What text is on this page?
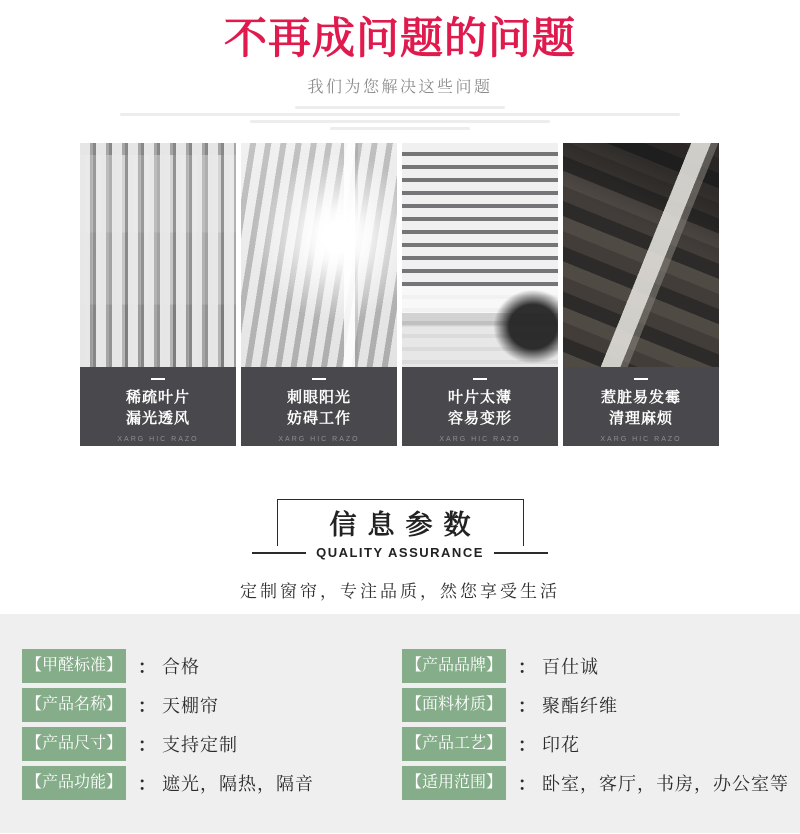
不再成问题的问题
我们为您解决这些问题
稀疏叶片
漏光透风
XARG HIC RAZO
刺眼阳光
妨碍工作
XARG HIC RAZO
叶片太薄
容易变形
XARG HIC RAZO
惹脏易发霉
清理麻烦
XARG HIC RAZO
信息参数
QUALITY ASSURANCE
定制窗帘，专注品质，然您享受生活
【甲醛标准】 ： 合格
【产品名称】 ： 天棚帘
【产品尺寸】 ： 支持定制
【产品功能】 ： 遮光，隔热，隔音
【产品品牌】 ： 百仕诚
【面料材质】 ： 聚酯纤维
【产品工艺】 ： 印花
【适用范围】 ： 卧室，客厅，书房，办公室等
